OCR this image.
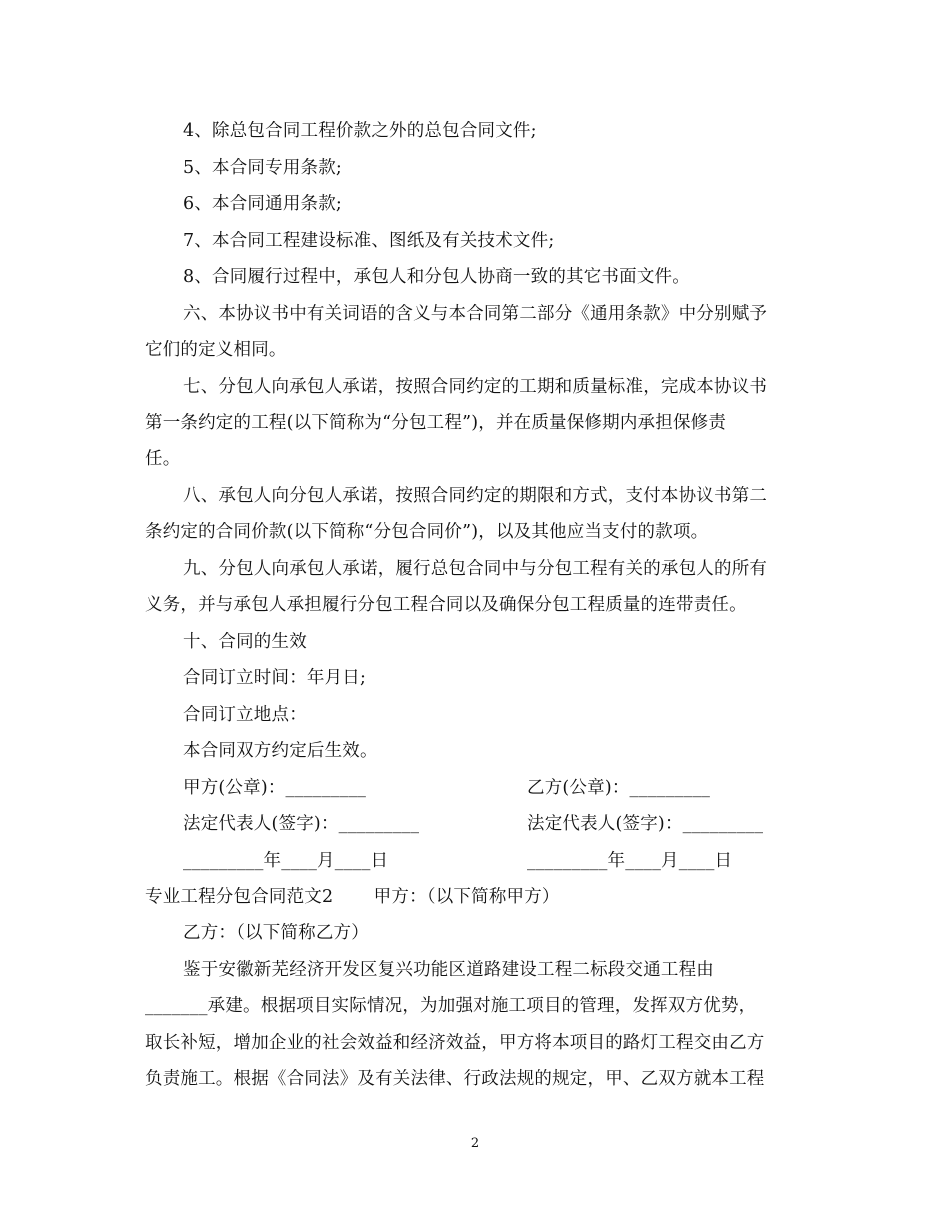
4、除总包合同工程价款之外的总包合同文件;
5、本合同专用条款;
6、本合同通用条款;
7、本合同工程建设标准、图纸及有关技术文件;
8、合同履行过程中，承包人和分包人协商一致的其它书面文件。
六、本协议书中有关词语的含义与本合同第二部分《通用条款》中分别赋予
它们的定义相同。
七、分包人向承包人承诺，按照合同约定的工期和质量标准，完成本协议书
第一条约定的工程(以下简称为“分包工程”)，并在质量保修期内承担保修责
任。
八、承包人向分包人承诺，按照合同约定的期限和方式，支付本协议书第二
条约定的合同价款(以下简称“分包合同价”)，以及其他应当支付的款项。
九、分包人向承包人承诺，履行总包合同中与分包工程有关的承包人的所有
义务，并与承包人承担履行分包工程合同以及确保分包工程质量的连带责任。
十、合同的生效
合同订立时间：年月日;
合同订立地点：
本合同双方约定后生效。
甲方(公章)：_________	乙方(公章)：_________
法定代表人(签字)：_________	法定代表人(签字)：_________
_________年____月____日	_________年____月____日
专业工程分包合同范文2       甲方：（以下简称甲方）
乙方：（以下简称乙方）
鉴于安徽新芜经济开发区复兴功能区道路建设工程二标段交通工程由
_______承建。根据项目实际情况，为加强对施工项目的管理，发挥双方优势，
取长补短，增加企业的社会效益和经济效益，甲方将本项目的路灯工程交由乙方
负责施工。根据《合同法》及有关法律、行政法规的规定，甲、乙双方就本工程
2
